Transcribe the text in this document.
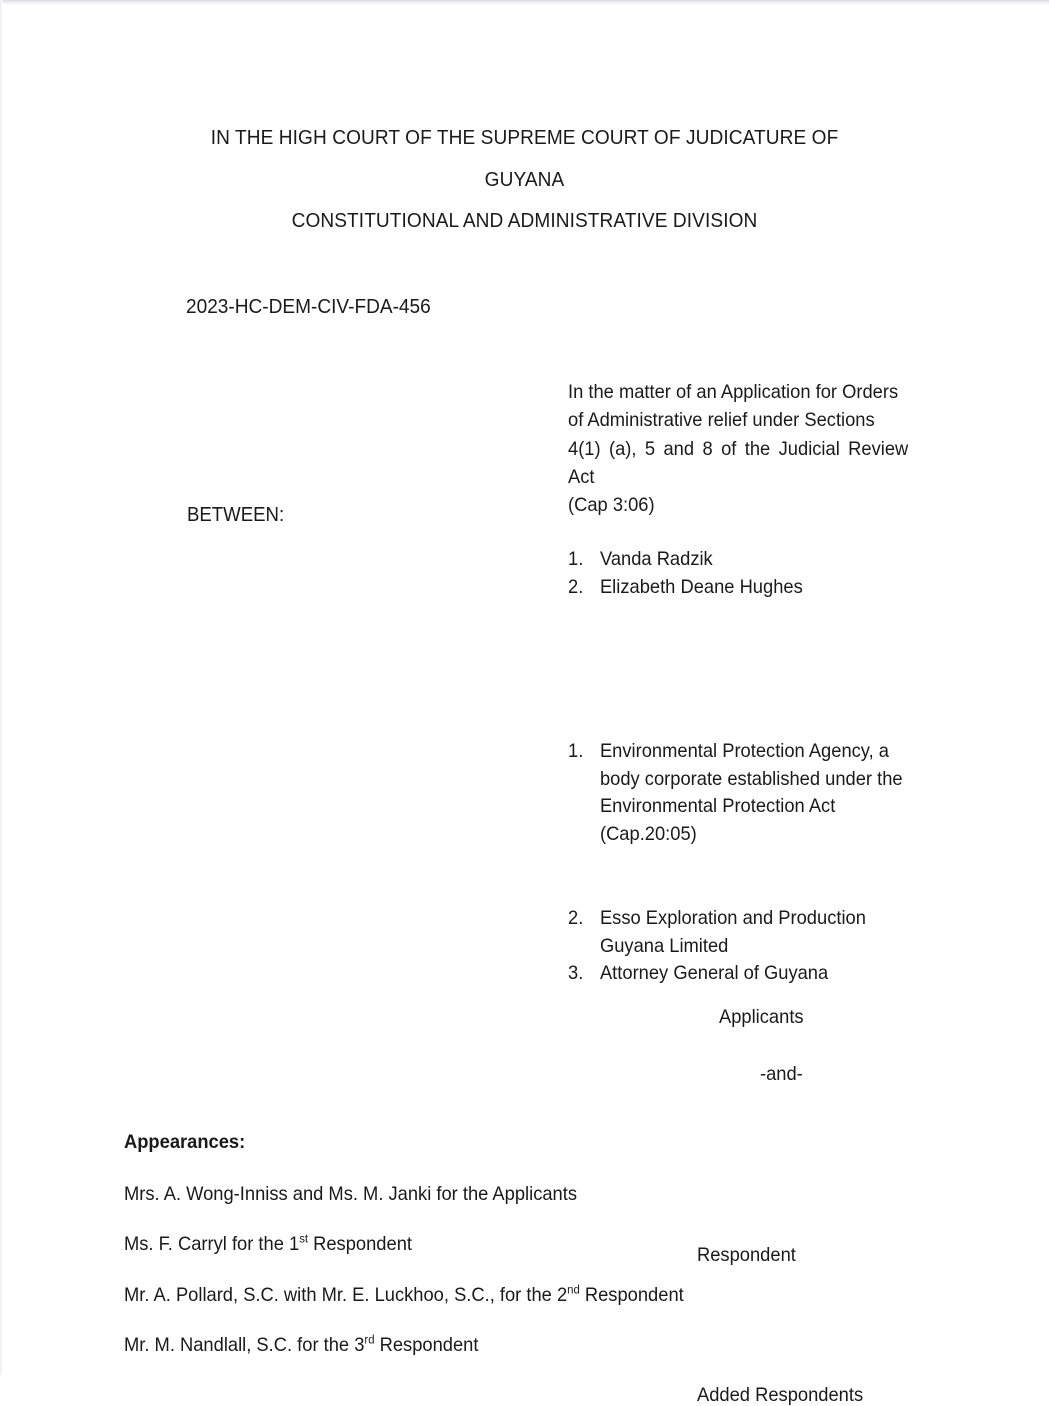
IN THE HIGH COURT OF THE SUPREME COURT OF JUDICATURE OF
GUYANA
CONSTITUTIONAL AND ADMINISTRATIVE DIVISION
2023-HC-DEM-CIV-FDA-456
In the matter of an Application for Orders
of Administrative relief under Sections
4(1) (a), 5 and 8 of the Judicial Review Act
(Cap 3:06)
BETWEEN:
1. Vanda Radzik
2. Elizabeth Deane Hughes
Applicants
-and-
1. Environmental Protection Agency, a
body corporate established under the
Environmental Protection Act
(Cap.20:05)
Respondent
2. Esso Exploration and Production
Guyana Limited
3. Attorney General of Guyana
Added Respondents
Appearances:
Mrs. A. Wong-Inniss and Ms. M. Janki for the Applicants
Ms. F. Carryl for the 1st Respondent
Mr. A. Pollard, S.C. with Mr. E. Luckhoo, S.C., for the 2nd Respondent
Mr. M. Nandlall, S.C. for the 3rd Respondent
